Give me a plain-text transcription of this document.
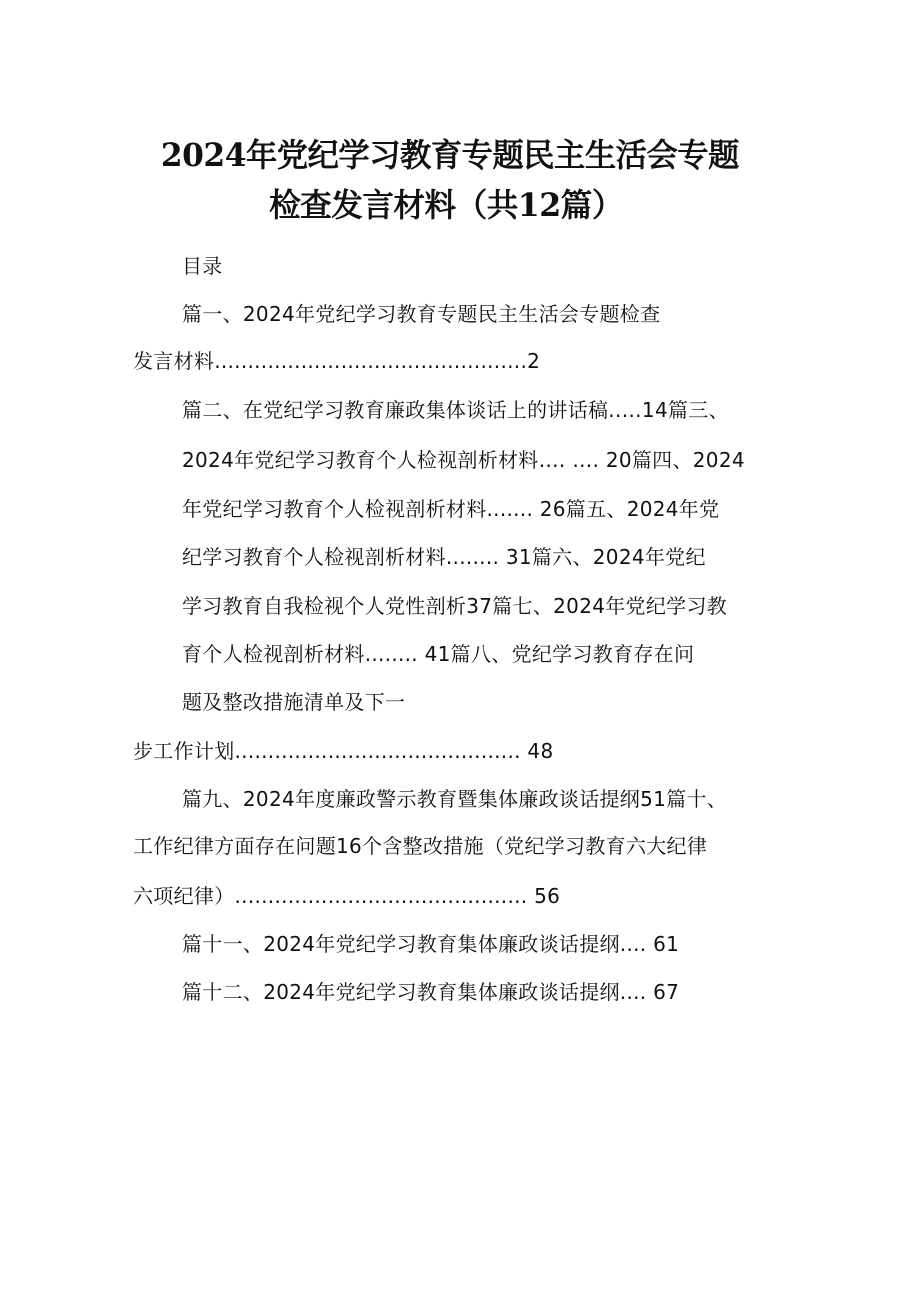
2024年党纪学习教育专题民主生活会专题
检查发言材料（共12篇）
目录
篇一、2024年党纪学习教育专题民主生活会专题检查
发言材料...............................................2
篇二、在党纪学习教育廉政集体谈话上的讲话稿..…14篇三、
2024年党纪学习教育个人检视剖析材料…. …. 20篇四、2024
年党纪学习教育个人检视剖析材料....... 26篇五、2024年党
纪学习教育个人检视剖析材料........ 31篇六、2024年党纪
学习教育自我检视个人党性剖析37篇七、2024年党纪学习教
育个人检视剖析材料........ 41篇八、党纪学习教育存在问
题及整改措施清单及下一
步工作计划........................................... 48
篇九、2024年度廉政警示教育暨集体廉政谈话提纲51篇十、
工作纪律方面存在问题16个含整改措施（党纪学习教育六大纪律
六项纪律）............................................ 56
篇十一、2024年党纪学习教育集体廉政谈话提纲.... 61
篇十二、2024年党纪学习教育集体廉政谈话提纲.... 67
